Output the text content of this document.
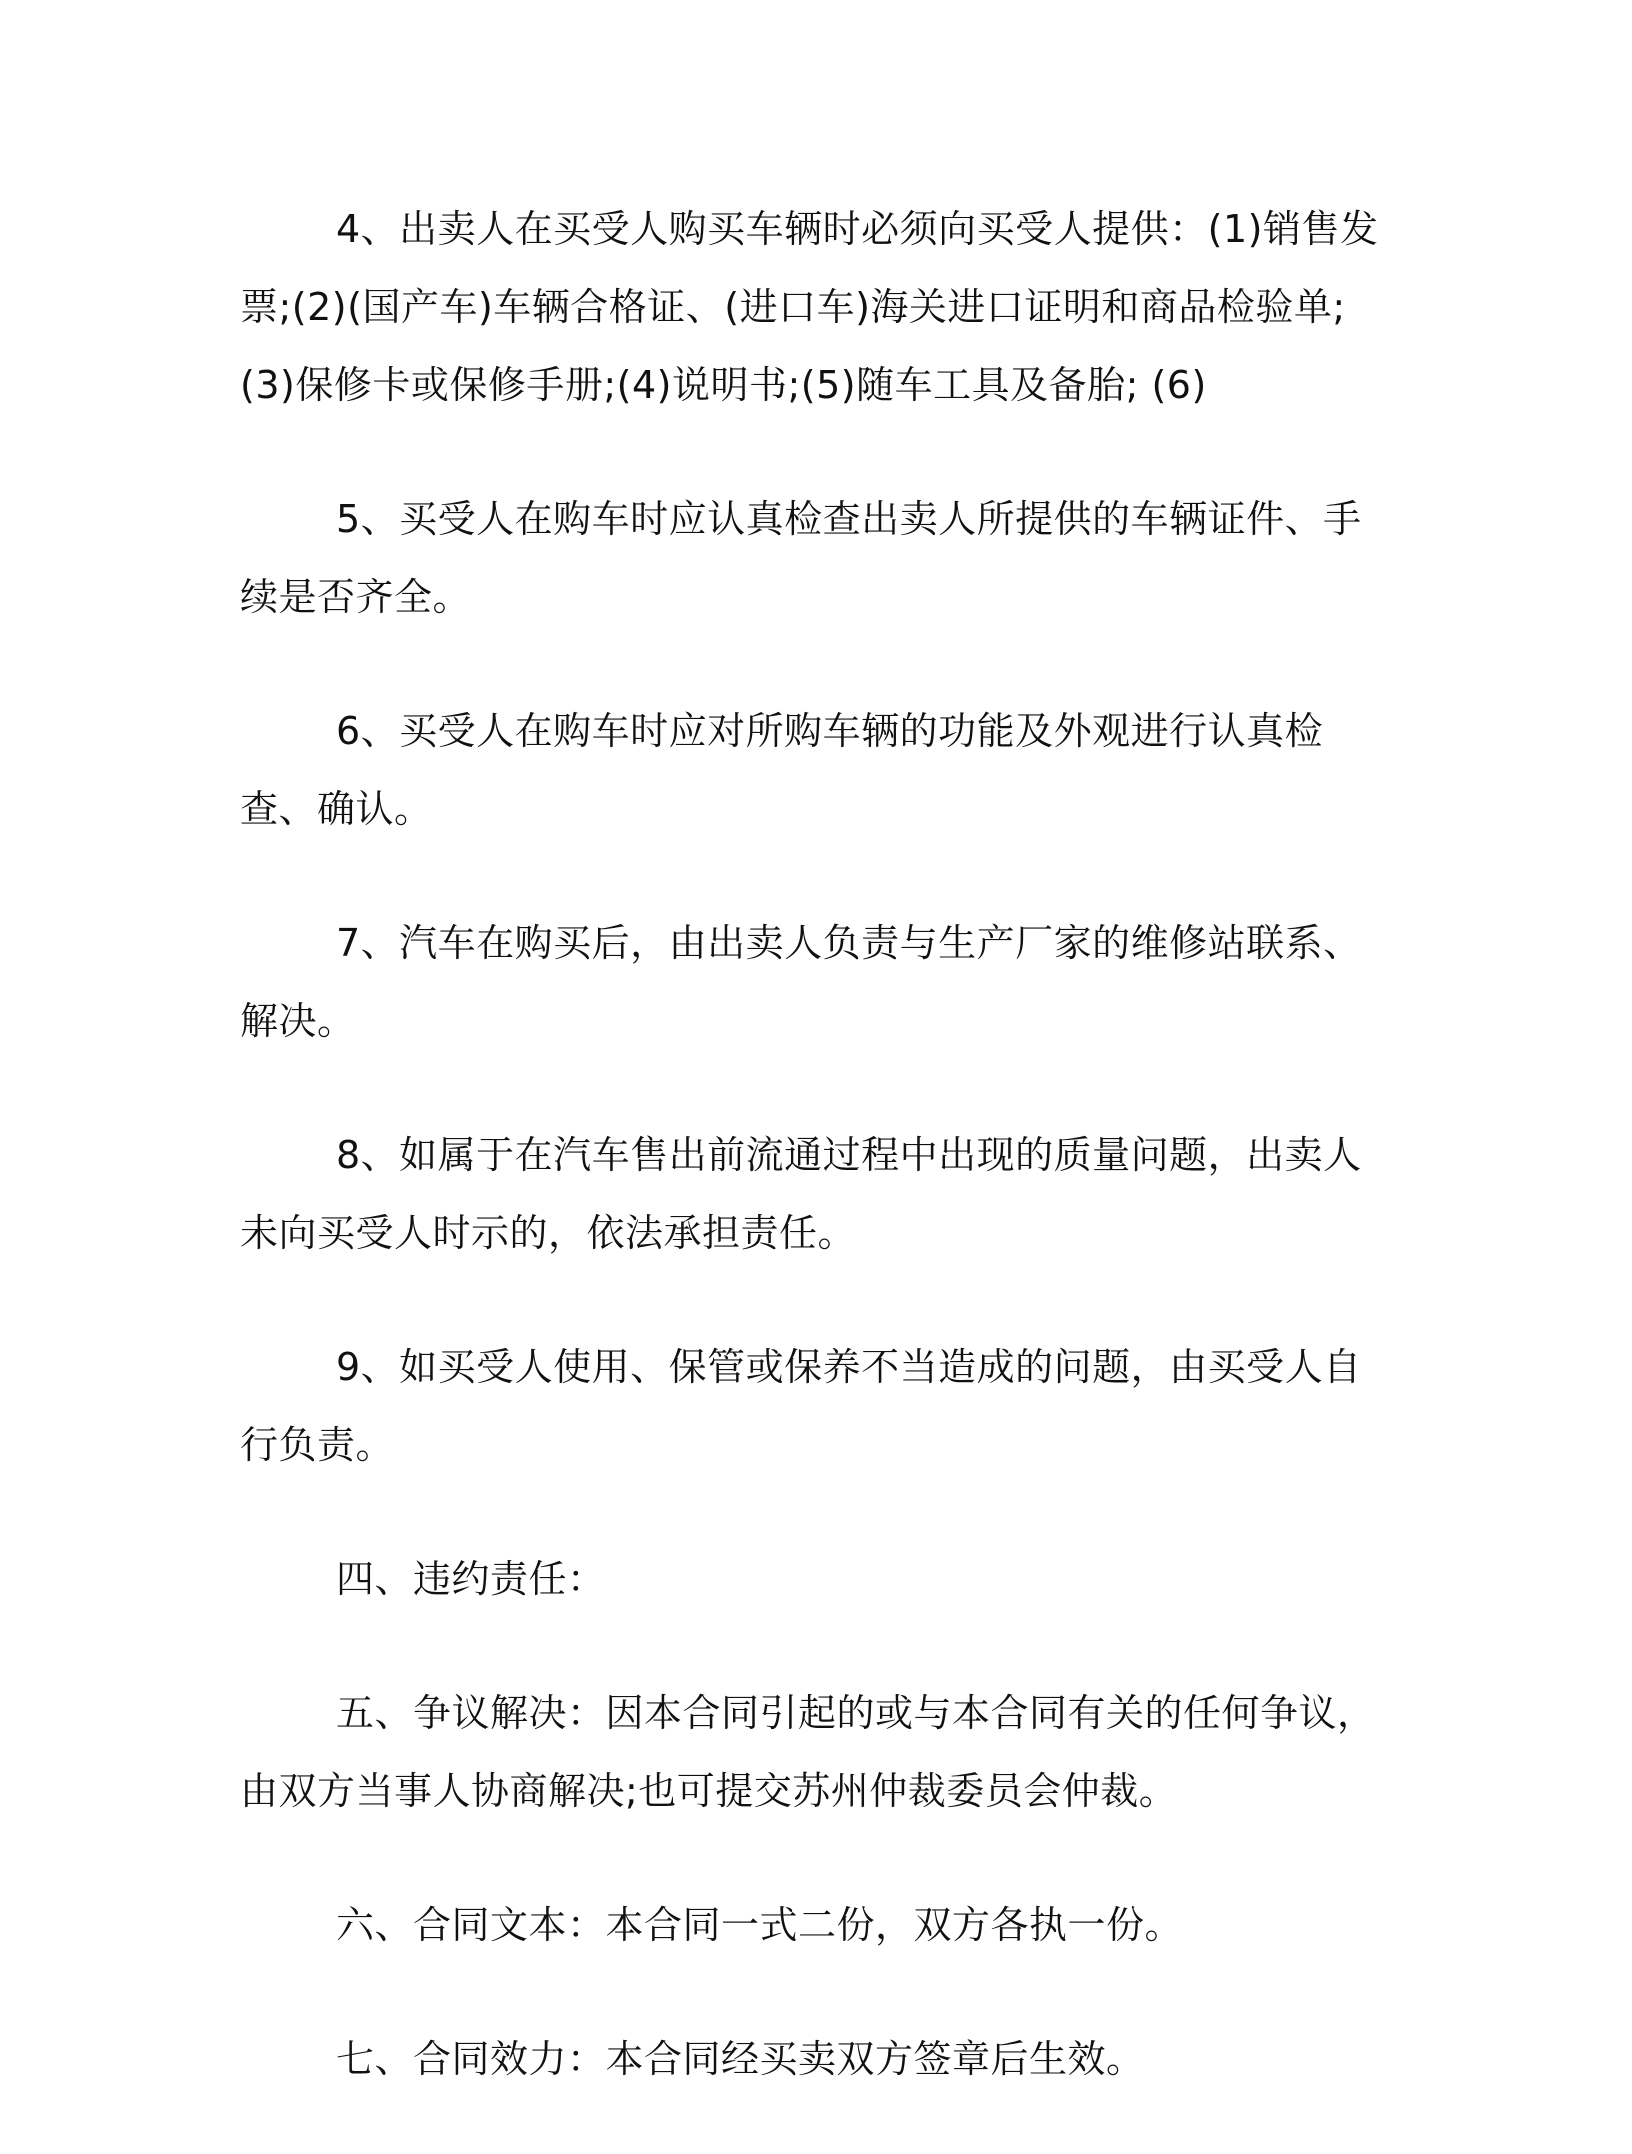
4、出卖人在买受人购买车辆时必须向买受人提供：(1)销售发票;(2)(国产车)车辆合格证、(进口车)海关进口证明和商品检验单;(3)保修卡或保修手册;(4)说明书;(5)随车工具及备胎; (6)

5、买受人在购车时应认真检查出卖人所提供的车辆证件、手续是否齐全。

6、买受人在购车时应对所购车辆的功能及外观进行认真检查、确认。

7、汽车在购买后，由出卖人负责与生产厂家的维修站联系、解决。

8、如属于在汽车售出前流通过程中出现的质量问题，出卖人未向买受人时示的，依法承担责任。

9、如买受人使用、保管或保养不当造成的问题，由买受人自行负责。

四、违约责任：

五、争议解决：因本合同引起的或与本合同有关的任何争议，由双方当事人协商解决;也可提交苏州仲裁委员会仲裁。

六、合同文本：本合同一式二份，双方各执一份。

七、合同效力：本合同经买卖双方签章后生效。
